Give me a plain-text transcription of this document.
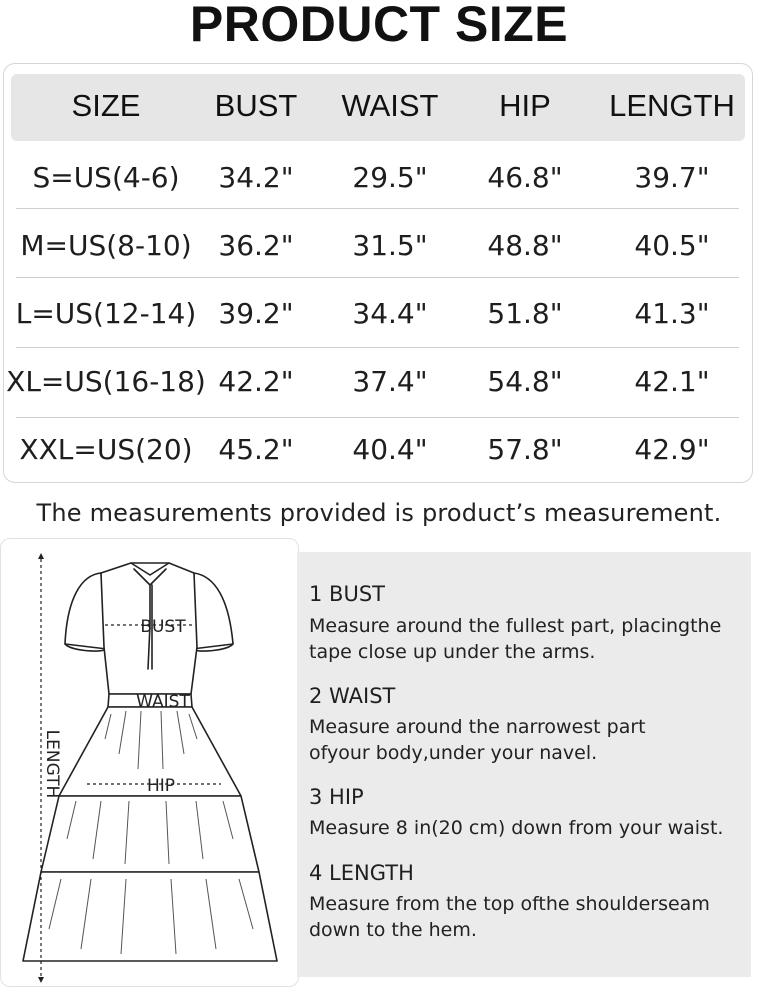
PRODUCT SIZE
SIZE	BUST	WAIST	HIP	LENGTH
S=US(4-6)	34.2"	29.5"	46.8"	39.7"
M=US(8-10) 36.2"	31.5"	48.8"	40.5"
L=US(12-14) 39.2"	34.4"	51.8"	41.3"
XL=US(16-18) 42.2"	37.4"	54.8"	42.1"
XXL=US(20) 45.2"	40.4"	57.8"	42.9"
The measurements provided is product’s measurement.
BUST
WAIST
HIP
LENGTH
1 BUST
Measure around the fullest part, placingthe tape close up under the arms.
2 WAIST
Measure around the narrowest part ofyour body,under your navel.
3 HIP
Measure 8 in(20 cm) down from your waist.
4 LENGTH
Measure from the top ofthe shoulderseam down to the hem.
